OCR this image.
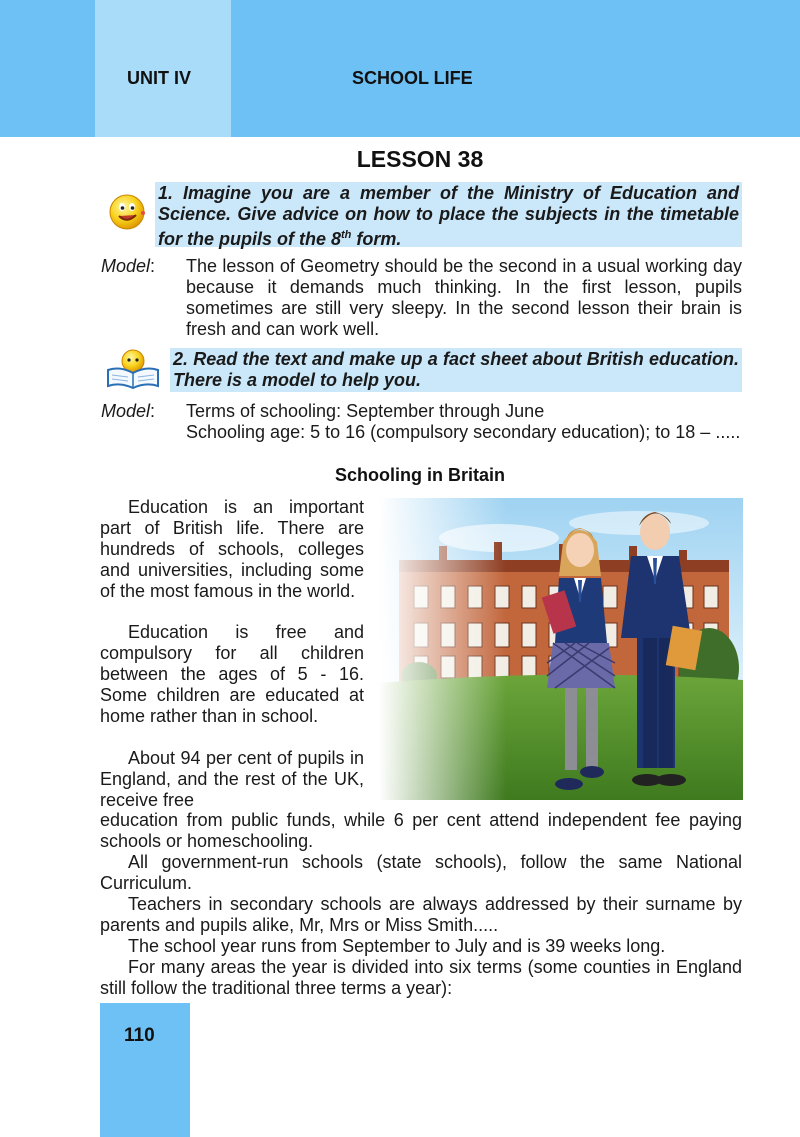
UNIT IV	SCHOOL LIFE
LESSON 38
1. Imagine you are a member of the Ministry of Education and Science. Give advice on how to place the subjects in the timetable for the pupils of the 8th form.
Model: The lesson of Geometry should be the second in a usual working day because it demands much thinking. In the first lesson, pupils sometimes are still very sleepy. In the second lesson their brain is fresh and can work well.
2. Read the text and make up a fact sheet about British education. There is a model to help you.
Model: Terms of schooling: September through June
Schooling age: 5 to 16 (compulsory secondary education); to 18 – .....
Schooling in Britain
Education is an important part of British life. There are hundreds of schools, colleges and universities, including some of the most famous in the world.
Education is free and compulsory for all children between the ages of 5 - 16. Some children are educated at home rather than in school.
About 94 per cent of pupils in England, and the rest of the UK, receive free
education from public funds, while 6 per cent attend independent fee paying schools or homeschooling.
All government-run schools (state schools), follow the same National Curriculum.
Teachers in secondary schools are always addressed by their surname by parents and pupils alike, Mr, Mrs or Miss Smith.....
The school year runs from September to July and is 39 weeks long.
For many areas the year is divided into six terms (some counties in England still follow the traditional three terms a year):
110
